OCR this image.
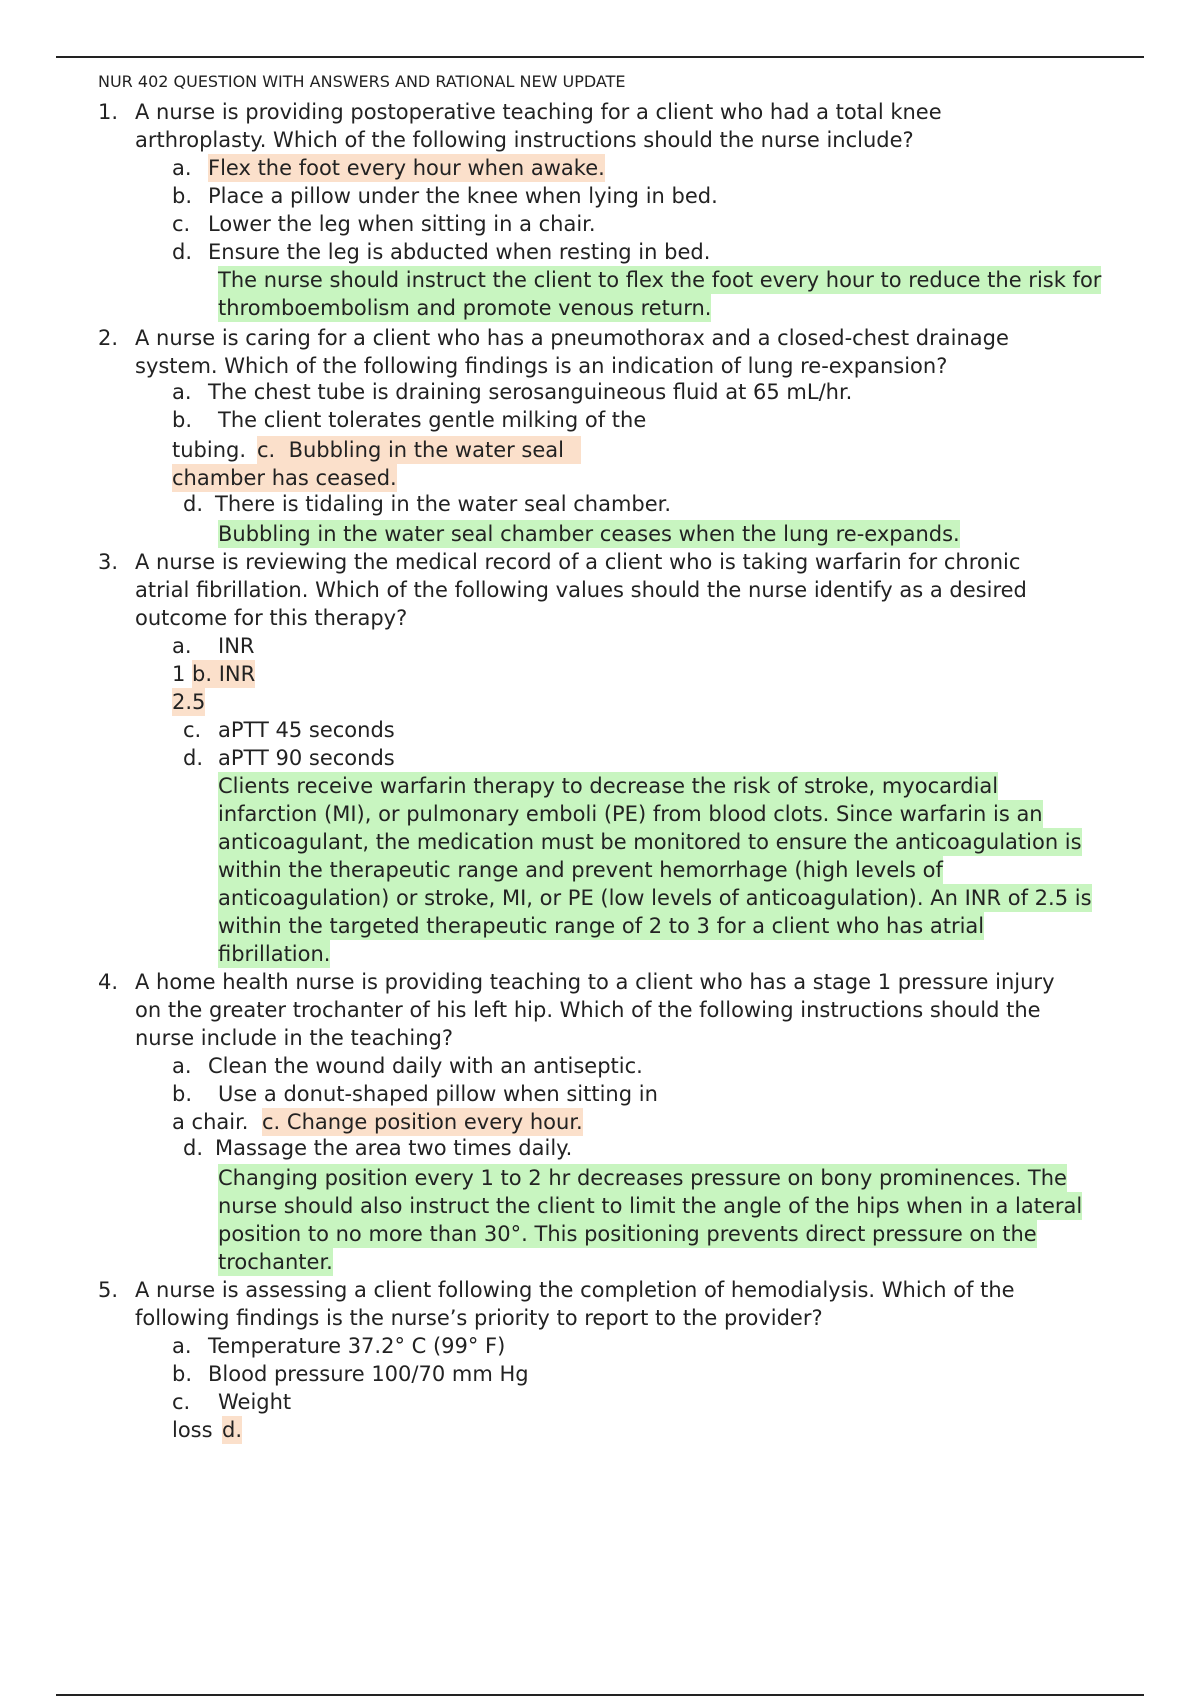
NUR 402 QUESTION WITH ANSWERS AND RATIONAL NEW UPDATE
1. A nurse is providing postoperative teaching for a client who had a total knee
arthroplasty. Which of the following instructions should the nurse include?
a. Flex the foot every hour when awake.
b. Place a pillow under the knee when lying in bed.
c. Lower the leg when sitting in a chair.
d. Ensure the leg is abducted when resting in bed.
The nurse should instruct the client to flex the foot every hour to reduce the risk for
thromboembolism and promote venous return.
2. A nurse is caring for a client who has a pneumothorax and a closed-chest drainage
system. Which of the following findings is an indication of lung re-expansion?
a. The chest tube is draining serosanguineous fluid at 65 mL/hr.
b. The client tolerates gentle milking of the
tubing. c. Bubbling in the water seal
chamber has ceased.
d. There is tidaling in the water seal chamber.
Bubbling in the water seal chamber ceases when the lung re-expands.
3. A nurse is reviewing the medical record of a client who is taking warfarin for chronic
atrial fibrillation. Which of the following values should the nurse identify as a desired
outcome for this therapy?
a. INR
1 b. INR
2.5
c. aPTT 45 seconds
d. aPTT 90 seconds
Clients receive warfarin therapy to decrease the risk of stroke, myocardial
infarction (MI), or pulmonary emboli (PE) from blood clots. Since warfarin is an
anticoagulant, the medication must be monitored to ensure the anticoagulation is
within the therapeutic range and prevent hemorrhage (high levels of
anticoagulation) or stroke, MI, or PE (low levels of anticoagulation). An INR of 2.5 is
within the targeted therapeutic range of 2 to 3 for a client who has atrial
fibrillation.
4. A home health nurse is providing teaching to a client who has a stage 1 pressure injury
on the greater trochanter of his left hip. Which of the following instructions should the
nurse include in the teaching?
a. Clean the wound daily with an antiseptic.
b. Use a donut-shaped pillow when sitting in
a chair. c. Change position every hour.
d. Massage the area two times daily.
Changing position every 1 to 2 hr decreases pressure on bony prominences. The
nurse should also instruct the client to limit the angle of the hips when in a lateral
position to no more than 30°. This positioning prevents direct pressure on the
trochanter.
5. A nurse is assessing a client following the completion of hemodialysis. Which of the
following findings is the nurse’s priority to report to the provider?
a. Temperature 37.2° C (99° F)
b. Blood pressure 100/70 mm Hg
c. Weight
loss d.
